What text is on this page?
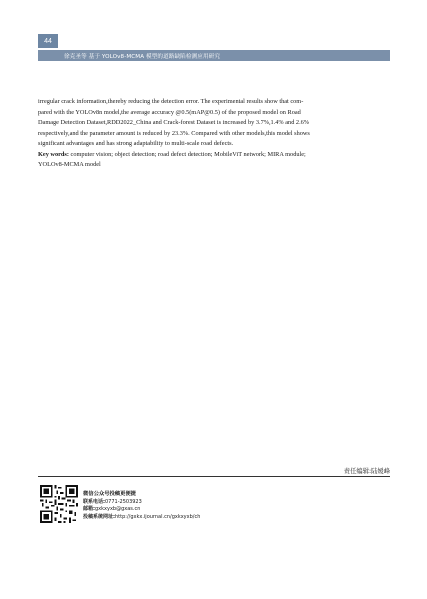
44
徐克圣等 基于 YOLOv8-MCMA 模型的道路缺陷检测应用研究

irregular crack information,thereby reducing the detection error. The experimental results show that com-

pared with the YOLOv8n model,the average accuracy @0.5(mAP@0.5) of the proposed model on Road

Damage Detection Dataset,RDD2022_China and Crack-forest Dataset is increased by 3.7%,1.4% and 2.6%

respectively,and the parameter amount is reduced by 23.3%. Compared with other models,this model shows

significant advantages and has strong adaptability to multi-scale road defects.

Key words: computer vision; object detection; road defect detection; MobileViT network; MIRA module;

YOLOv8-MCMA model

责任编辑:陆媛峰
微信公众号投稿更便捷
联系电话:0771-2503923
邮箱:gxkxyxb@gxas.cn
投稿系统网址:http://gxkx.ijournal.cn/gxkxyxb/ch
